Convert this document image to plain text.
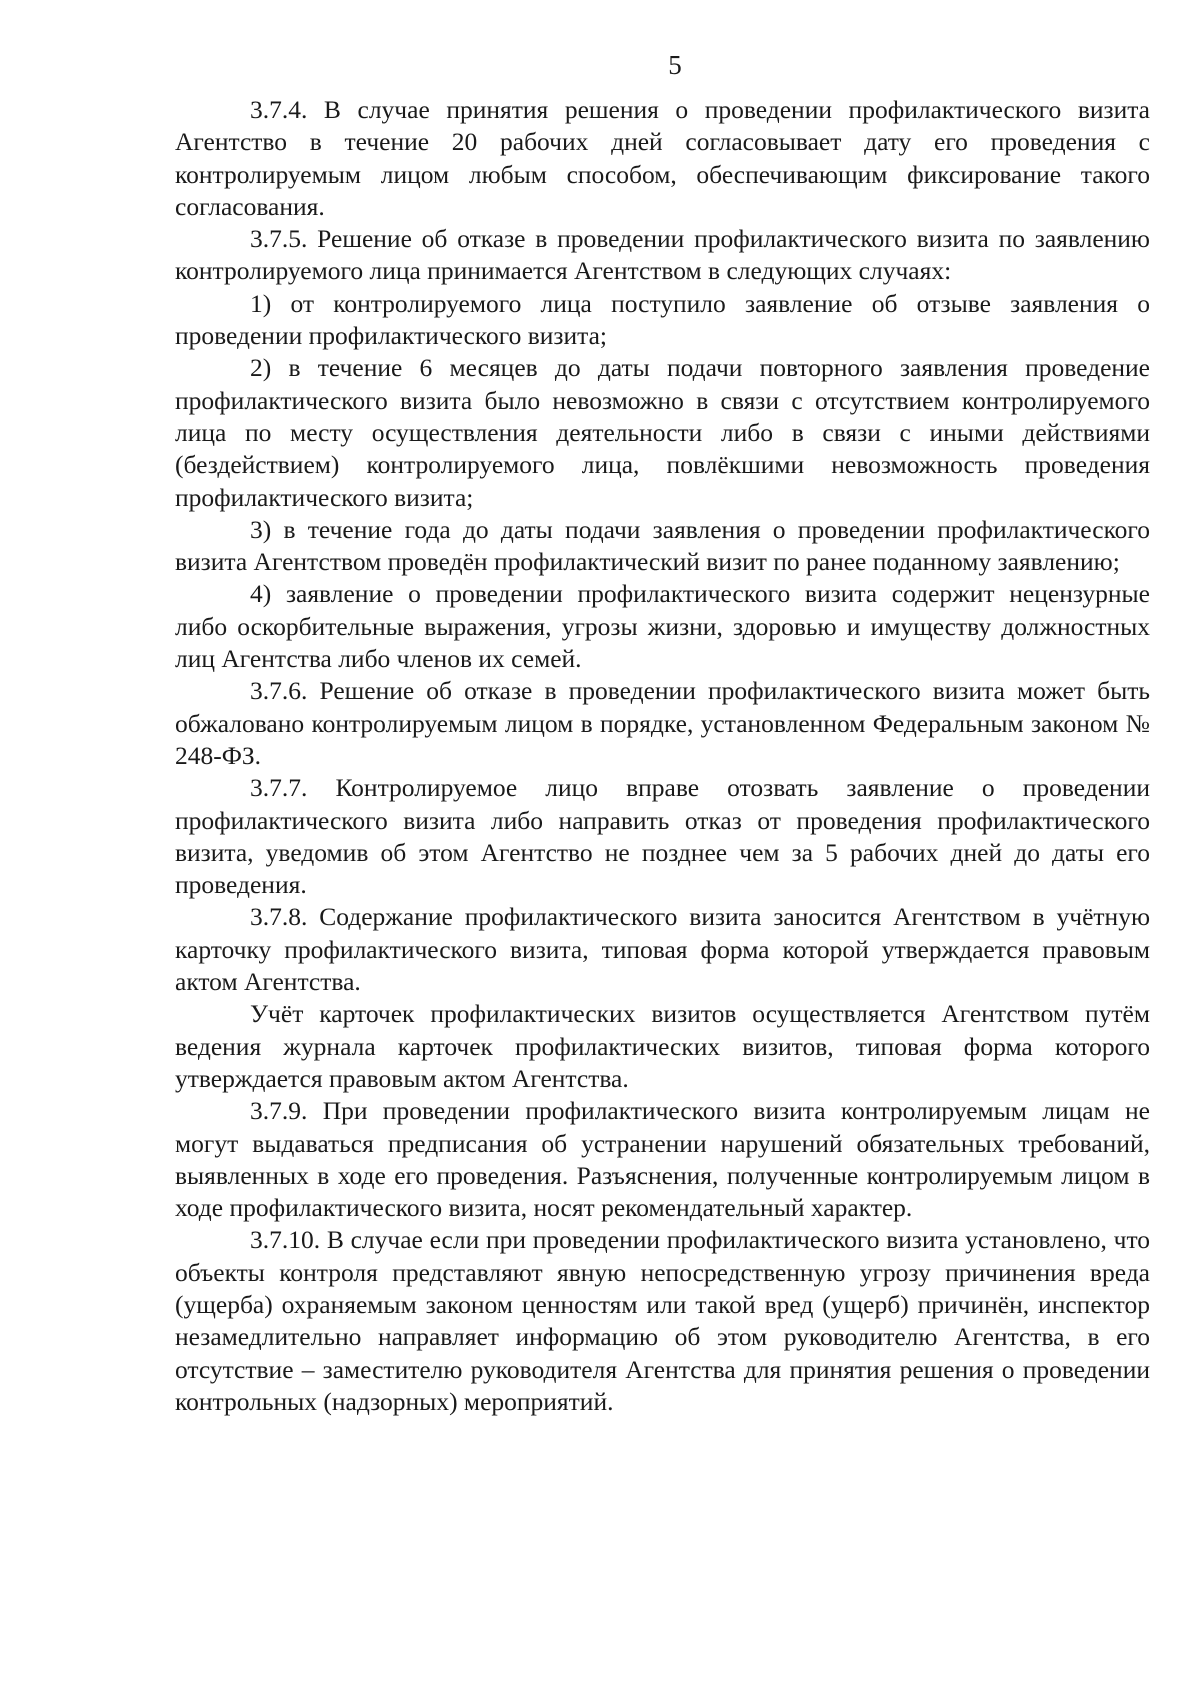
5

3.7.4. В случае принятия решения о проведении профилактического визита Агентство в течение 20 рабочих дней согласовывает дату его проведения с контролируемым лицом любым способом, обеспечивающим фиксирование такого согласования.

3.7.5. Решение об отказе в проведении профилактического визита по заявлению контролируемого лица принимается Агентством в следующих случаях:

1) от контролируемого лица поступило заявление об отзыве заявления о проведении профилактического визита;

2) в течение 6 месяцев до даты подачи повторного заявления проведение профилактического визита было невозможно в связи с отсутствием контролируемого лица по месту осуществления деятельности либо в связи с иными действиями (бездействием) контролируемого лица, повлёкшими невозможность проведения профилактического визита;

3) в течение года до даты подачи заявления о проведении профилактического визита Агентством проведён профилактический визит по ранее поданному заявлению;

4) заявление о проведении профилактического визита содержит нецензурные либо оскорбительные выражения, угрозы жизни, здоровью и имуществу должностных лиц Агентства либо членов их семей.

3.7.6. Решение об отказе в проведении профилактического визита может быть обжаловано контролируемым лицом в порядке, установленном Федеральным законом № 248-ФЗ.

3.7.7. Контролируемое лицо вправе отозвать заявление о проведении профилактического визита либо направить отказ от проведения профилактического визита, уведомив об этом Агентство не позднее чем за 5 рабочих дней до даты его проведения.

3.7.8. Содержание профилактического визита заносится Агентством в учётную карточку профилактического визита, типовая форма которой утверждается правовым актом Агентства.

Учёт карточек профилактических визитов осуществляется Агентством путём ведения журнала карточек профилактических визитов, типовая форма которого утверждается правовым актом Агентства.

3.7.9. При проведении профилактического визита контролируемым лицам не могут выдаваться предписания об устранении нарушений обязательных требований, выявленных в ходе его проведения. Разъяснения, полученные контролируемым лицом в ходе профилактического визита, носят рекомендательный характер.

3.7.10. В случае если при проведении профилактического визита установлено, что объекты контроля представляют явную непосредственную угрозу причинения вреда (ущерба) охраняемым законом ценностям или такой вред (ущерб) причинён, инспектор незамедлительно направляет информацию об этом руководителю Агентства, в его отсутствие – заместителю руководителя Агентства для принятия решения о проведении контрольных (надзорных) мероприятий.
